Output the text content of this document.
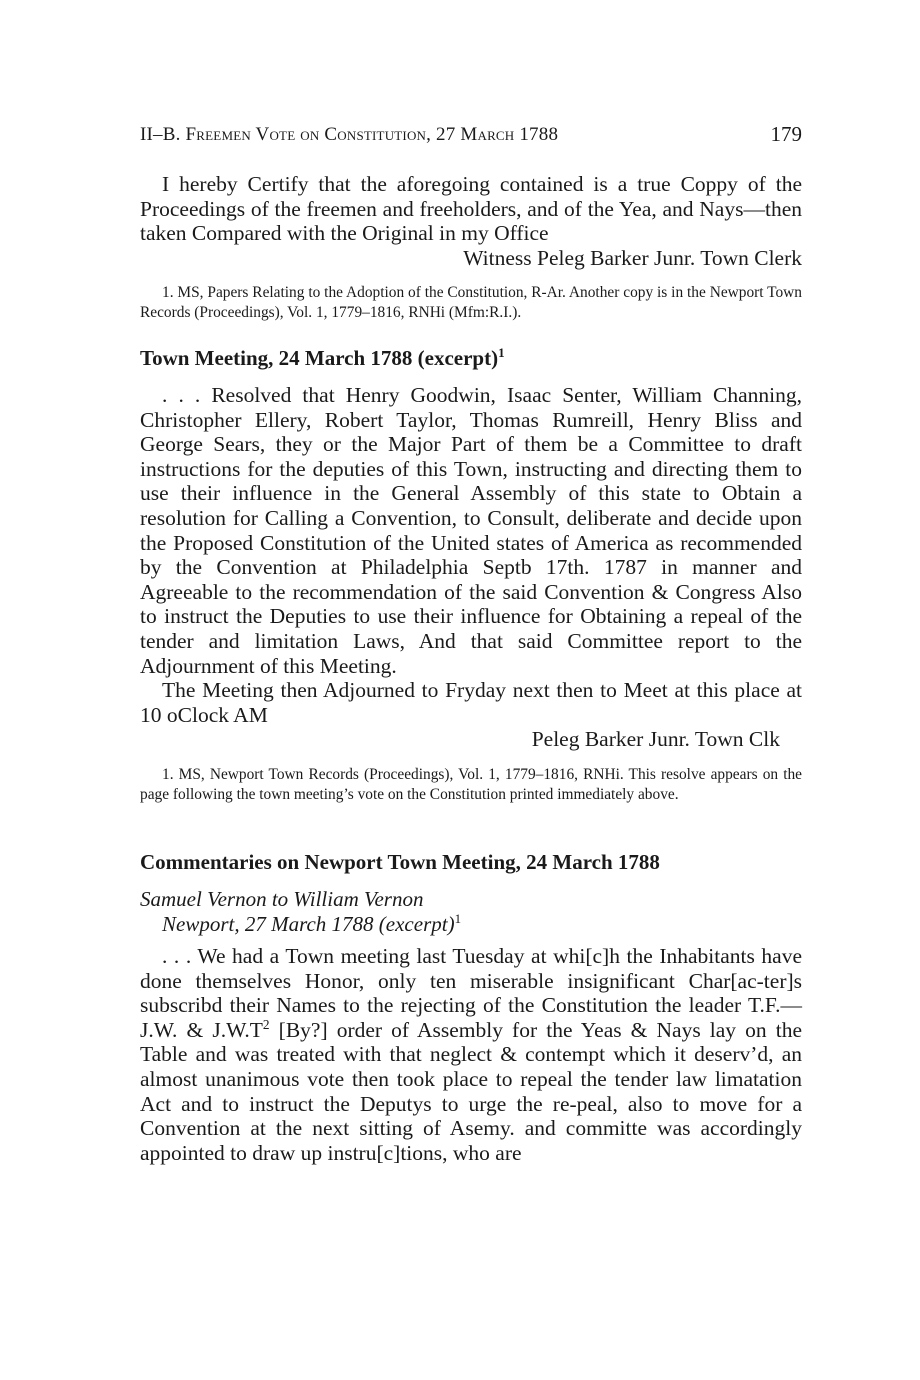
II–B. Freemen Vote on Constitution, 27 March 1788	179

I hereby Certify that the aforegoing contained is a true Coppy of the Proceedings of the freemen and freeholders, and of the Yea, and Nays—then taken Compared with the Original in my Office

Witness Peleg Barker Junr. Town Clerk

1. MS, Papers Relating to the Adoption of the Constitution, R-Ar. Another copy is in the Newport Town Records (Proceedings), Vol. 1, 1779–1816, RNHi (Mfm:R.I.).

Town Meeting, 24 March 1788 (excerpt)$^1$

. . . Resolved that Henry Goodwin, Isaac Senter, William Channing, Christopher Ellery, Robert Taylor, Thomas Rumreill, Henry Bliss and George Sears, they or the Major Part of them be a Committee to draft instructions for the deputies of this Town, instructing and directing them to use their influence in the General Assembly of this state to Obtain a resolution for Calling a Convention, to Consult, deliberate and decide upon the Proposed Constitution of the United states of America as recommended by the Convention at Philadelphia Septb 17th. 1787 in manner and Agreeable to the recommendation of the said Convention & Congress Also to instruct the Deputies to use their influence for Obtaining a repeal of the tender and limitation Laws, And that said Committee report to the Adjournment of this Meeting.

The Meeting then Adjourned to Fryday next then to Meet at this place at 10 oClock AM

Peleg Barker Junr. Town Clk

1. MS, Newport Town Records (Proceedings), Vol. 1, 1779–1816, RNHi. This resolve appears on the page following the town meeting’s vote on the Constitution printed immediately above.

Commentaries on Newport Town Meeting, 24 March 1788
Samuel Vernon to William Vernon
Newport, 27 March 1788 (excerpt)$^1$

. . . We had a Town meeting last Tuesday at whi[c]h the Inhabitants have done themselves Honor, only ten miserable insignificant Char[ac-ter]s subscribd their Names to the rejecting of the Constitution the leader T.F.—J.W. & $J.W.T^2$ [By?] order of Assembly for the Yeas & Nays lay on the Table and was treated with that neglect & contempt which it deserv’d, an almost unanimous vote then took place to repeal the tender law limatation Act and to instruct the Deputys to urge the re-peal, also to move for a Convention at the next sitting of Asemy. and committe was accordingly appointed to draw up instru[c]tions, who are
